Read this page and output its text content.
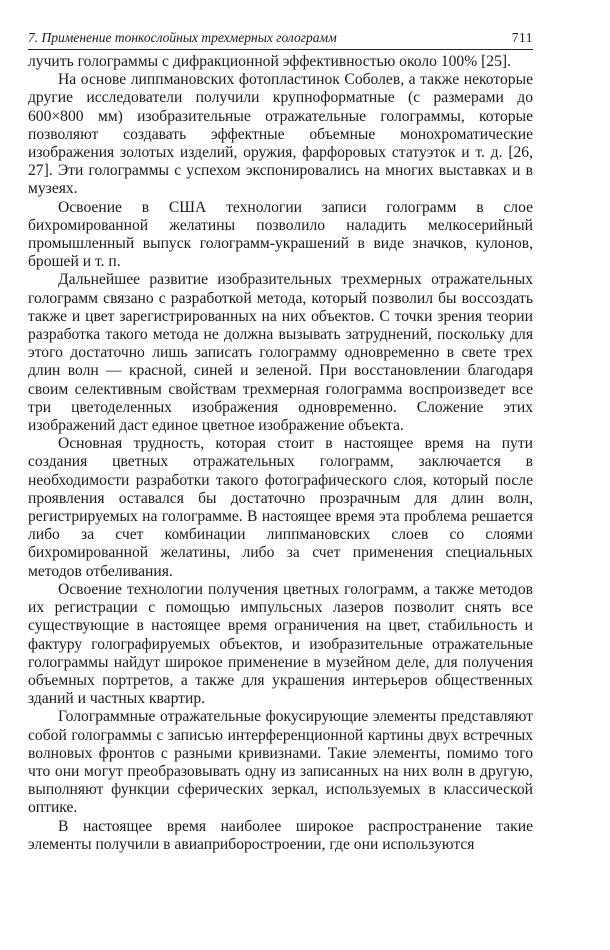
7. Применение тонкослойных трехмерных голограмм	711

лучить голограммы с дифракционной эффективностью около 100% [25].

На основе липпмановских фотопластинок Соболев, а также некоторые другие исследователи получили крупноформатные (с размерами до 600×800 мм) изобразительные отражательные голограммы, которые позволяют создавать эффектные объемные монохроматические изображения золотых изделий, оружия, фарфоровых статуэток и т. д. [26, 27]. Эти голограммы с успехом экспонировались на многих выставках и в музеях.

Освоение в США технологии записи голограмм в слое бихромированной желатины позволило наладить мелкосерийный промышленный выпуск голограмм-украшений в виде значков, кулонов, брошей и т. п.

Дальнейшее развитие изобразительных трехмерных отражательных голограмм связано с разработкой метода, который позволил бы воссоздать также и цвет зарегистрированных на них объектов. С точки зрения теории разработка такого метода не должна вызывать затруднений, поскольку для этого достаточно лишь записать голограмму одновременно в свете трех длин волн — красной, синей и зеленой. При восстановлении благодаря своим селективным свойствам трехмерная голограмма воспроизведет все три цветоделенных изображения одновременно. Сложение этих изображений даст единое цветное изображение объекта.

Основная трудность, которая стоит в настоящее время на пути создания цветных отражательных голограмм, заключается в необходимости разработки такого фотографического слоя, который после проявления оставался бы достаточно прозрачным для длин волн, регистрируемых на голограмме. В настоящее время эта проблема решается либо за счет комбинации липпмановских слоев со слоями бихромированной желатины, либо за счет применения специальных методов отбеливания.

Освоение технологии получения цветных голограмм, а также методов их регистрации с помощью импульсных лазеров позволит снять все существующие в настоящее время ограничения на цвет, стабильность и фактуру голографируемых объектов, и изобразительные отражательные голограммы найдут широкое применение в музейном деле, для получения объемных портретов, а также для украшения интерьеров общественных зданий и частных квартир.

Голограммные отражательные фокусирующие элементы представляют собой голограммы с записью интерференционной картины двух встречных волновых фронтов с разными кривизнами. Такие элементы, помимо того что они могут преобразовывать одну из записанных на них волн в другую, выполняют функции сферических зеркал, используемых в классической оптике.

В настоящее время наиболее широкое распространение такие элементы получили в авиаприборостроении, где они используются
